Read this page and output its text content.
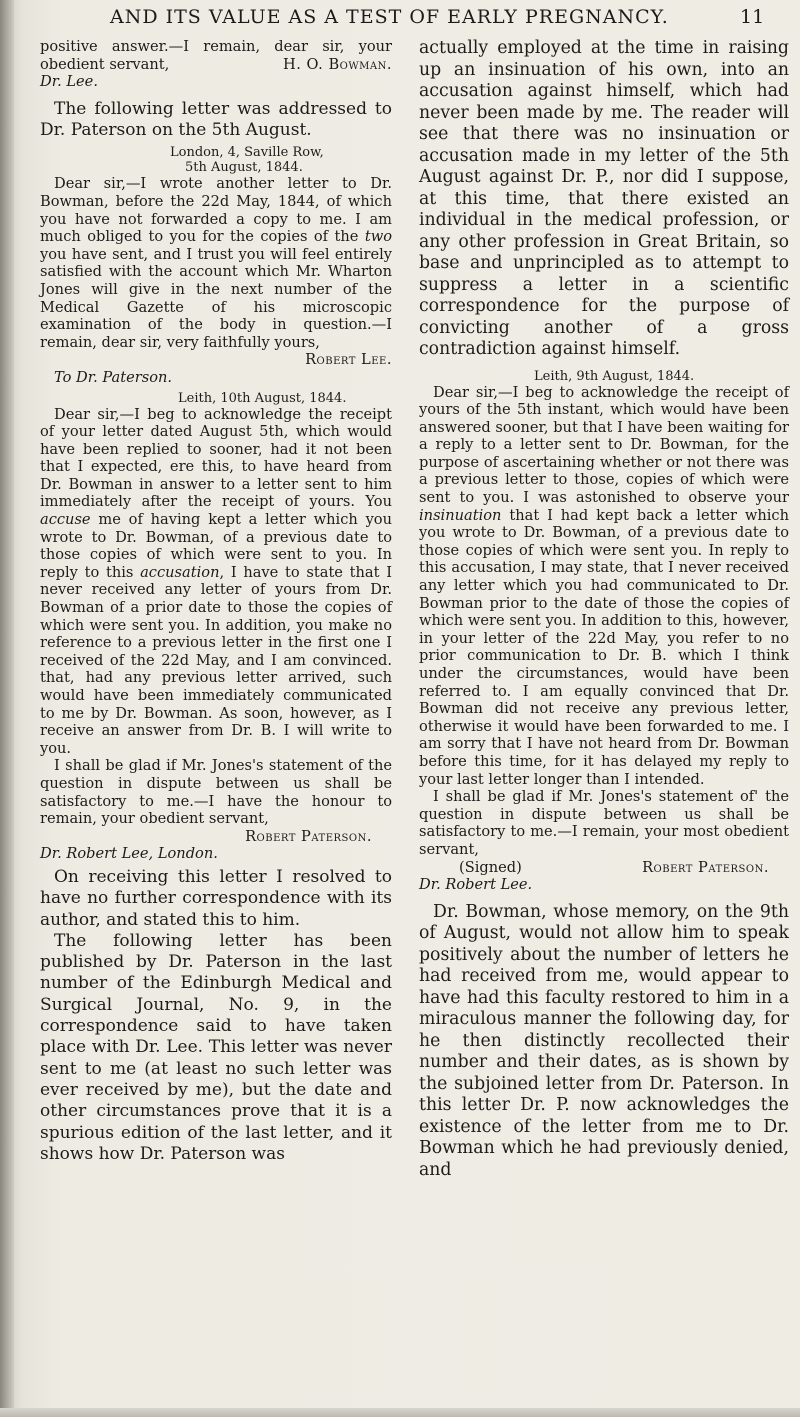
AND ITS VALUE AS A TEST OF EARLY PREGNANCY.	11

positive answer.—I remain, dear sir, your obedient servant,	H. O. Bowman.

Dr. Lee.

The following letter was addressed to Dr. Paterson on the 5th August.

London, 4, Saville Row,

5th August, 1844.

Dear sir,—I wrote another letter to Dr. Bowman, before the 22d May, 1844, of which you have not forwarded a copy to me. I am much obliged to you for the copies of the two you have sent, and I trust you will feel entirely satisfied with the account which Mr. Wharton Jones will give in the next number of the Medical Gazette of his microscopic examination of the body in question.—I remain, dear sir, very faithfully yours,

Robert Lee.

To Dr. Paterson.

Leith, 10th August, 1844.

Dear sir,—I beg to acknowledge the receipt of your letter dated August 5th, which would have been replied to sooner, had it not been that I expected, ere this, to have heard from Dr. Bowman in answer to a letter sent to him immediately after the receipt of yours. You accuse me of having kept a letter which you wrote to Dr. Bowman, of a previous date to those copies of which were sent to you. In reply to this accusation, I have to state that I never received any letter of yours from Dr. Bowman of a prior date to those the copies of which were sent you. In addition, you make no reference to a previous letter in the first one I received of the 22d May, and I am convinced. that, had any previous letter arrived, such would have been immediately communicated to me by Dr. Bowman. As soon, however, as I receive an answer from Dr. B. I will write to you.

I shall be glad if Mr. Jones's statement of the question in dispute between us shall be satisfactory to me.—I have the honour to remain, your obedient servant,

Robert Paterson.

Dr. Robert Lee, London.

On receiving this letter I resolved to have no further correspondence with its author, and stated this to him.

The following letter has been published by Dr. Paterson in the last number of the Edinburgh Medical and Surgical Journal, No. 9, in the correspondence said to have taken place with Dr. Lee. This letter was never sent to me (at least no such letter was ever received by me), but the date and other circumstances prove that it is a spurious edition of the last letter, and it shows how Dr. Paterson was

actually employed at the time in raising up an insinuation of his own, into an accusation against himself, which had never been made by me. The reader will see that there was no insinuation or accusation made in my letter of the 5th August against Dr. P., nor did I suppose, at this time, that there existed an individual in the medical profession, or any other profession in Great Britain, so base and unprincipled as to attempt to suppress a letter in a scientific correspondence for the purpose of convicting another of a gross contradiction against himself.

Leith, 9th August, 1844.

Dear sir,—I beg to acknowledge the receipt of yours of the 5th instant, which would have been answered sooner, but that I have been waiting for a reply to a letter sent to Dr. Bowman, for the purpose of ascertaining whether or not there was a previous letter to those, copies of which were sent to you. I was astonished to observe your insinuation that I had kept back a letter which you wrote to Dr. Bowman, of a previous date to those copies of which were sent you. In reply to this accusation, I may state, that I never received any letter which you had communicated to Dr. Bowman prior to the date of those the copies of which were sent you. In addition to this, however, in your letter of the 22d May, you refer to no prior communication to Dr. B. which I think under the circumstances, would have been referred to. I am equally convinced that Dr. Bowman did not receive any previous letter, otherwise it would have been forwarded to me. I am sorry that I have not heard from Dr. Bowman before this time, for it has delayed my reply to your last letter longer than I intended.

I shall be glad if Mr. Jones's statement of' the question in dispute between us shall be satisfactory to me.—I remain, your most obedient servant,

(Signed)	Robert Paterson.

Dr. Robert Lee.

Dr. Bowman, whose memory, on the 9th of August, would not allow him to speak positively about the number of letters he had received from me, would appear to have had this faculty restored to him in a miraculous manner the following day, for he then distinctly recollected their number and their dates, as is shown by the subjoined letter from Dr. Paterson. In this letter Dr. P. now acknowledges the existence of the letter from me to Dr. Bowman which he had previously denied, and
